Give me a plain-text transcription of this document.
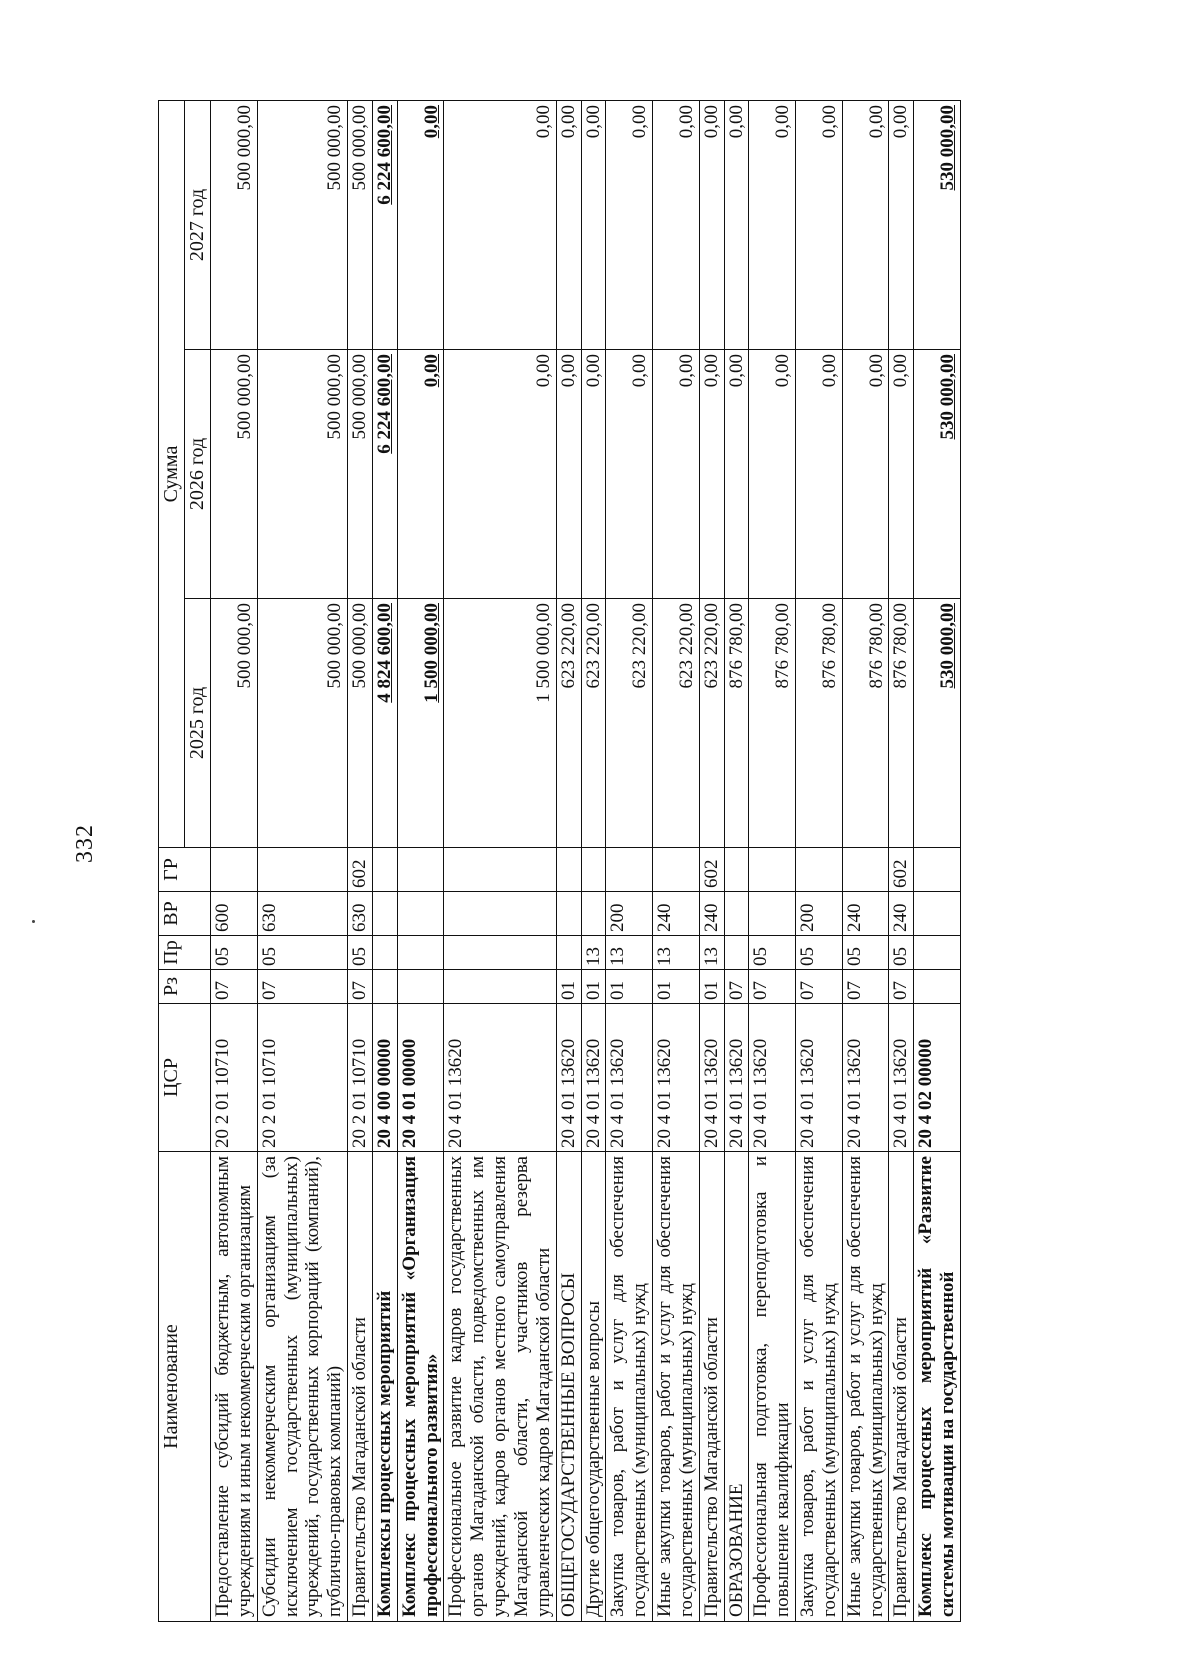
332
Наименование	ЦСР	Рз	Пр	ВР	ГР	Сумма		
						2025 год	2026 год	2027 год
Предоставление субсидий бюджетным, автономным учреждениям и иным некоммерческим организациям	20 2 01 10710	07	05	600		500 000,00	500 000,00	500 000,00
Субсидии некоммерческим организациям (за исключением государственных (муниципальных) учреждений, государственных корпораций (компаний), публично-правовых компаний)	20 2 01 10710	07	05	630		500 000,00	500 000,00	500 000,00
Правительство Магаданской области	20 2 01 10710	07	05	630	602	500 000,00	500 000,00	500 000,00
Комплексы процессных мероприятий	20 4 00 00000					4 824 600,00	6 224 600,00	6 224 600,00
Комплекс процессных мероприятий «Организация профессионального развития»	20 4 01 00000					1 500 000,00	0,00	0,00
Профессиональное развитие кадров государственных органов Магаданской области, подведомственных им учреждений, кадров органов местного самоуправления Магаданской области, участников резерва управленческих кадров Магаданской области	20 4 01 13620					1 500 000,00	0,00	0,00
ОБЩЕГОСУДАРСТВЕННЫЕ ВОПРОСЫ	20 4 01 13620	01				623 220,00	0,00	0,00
Другие общегосударственные вопросы	20 4 01 13620	01	13			623 220,00	0,00	0,00
Закупка товаров, работ и услуг для обеспечения государственных (муниципальных) нужд	20 4 01 13620	01	13	200		623 220,00	0,00	0,00
Иные закупки товаров, работ и услуг для обеспечения государственных (муниципальных) нужд	20 4 01 13620	01	13	240		623 220,00	0,00	0,00
Правительство Магаданской области	20 4 01 13620	01	13	240	602	623 220,00	0,00	0,00
ОБРАЗОВАНИЕ	20 4 01 13620	07				876 780,00	0,00	0,00
Профессиональная подготовка, переподготовка и повышение квалификации	20 4 01 13620	07	05			876 780,00	0,00	0,00
Закупка товаров, работ и услуг для обеспечения государственных (муниципальных) нужд	20 4 01 13620	07	05	200		876 780,00	0,00	0,00
Иные закупки товаров, работ и услуг для обеспечения государственных (муниципальных) нужд	20 4 01 13620	07	05	240		876 780,00	0,00	0,00
Правительство Магаданской области	20 4 01 13620	07	05	240	602	876 780,00	0,00	0,00
Комплекс процессных мероприятий «Развитие системы мотивации на государственной	20 4 02 00000					530 000,00	530 000,00	530 000,00
